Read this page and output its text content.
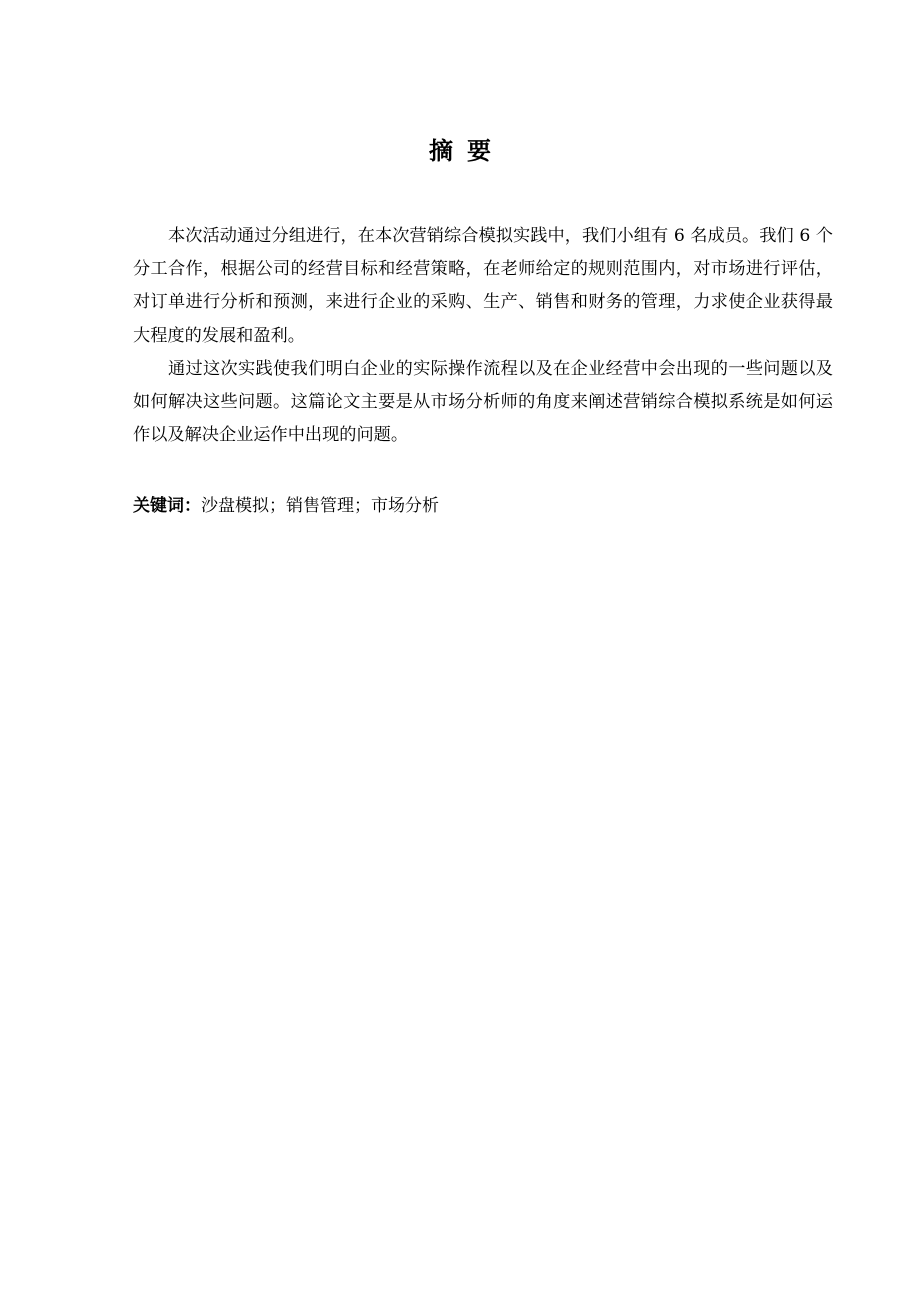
摘要

本次活动通过分组进行，在本次营销综合模拟实践中，我们小组有 6 名成员。我们 6 个分工合作，根据公司的经营目标和经营策略，在老师给定的规则范围内，对市场进行评估，对订单进行分析和预测，来进行企业的采购、生产、销售和财务的管理，力求使企业获得最大程度的发展和盈利。

通过这次实践使我们明白企业的实际操作流程以及在企业经营中会出现的一些问题以及如何解决这些问题。这篇论文主要是从市场分析师的角度来阐述营销综合模拟系统是如何运作以及解决企业运作中出现的问题。

关键词：沙盘模拟；销售管理；市场分析
